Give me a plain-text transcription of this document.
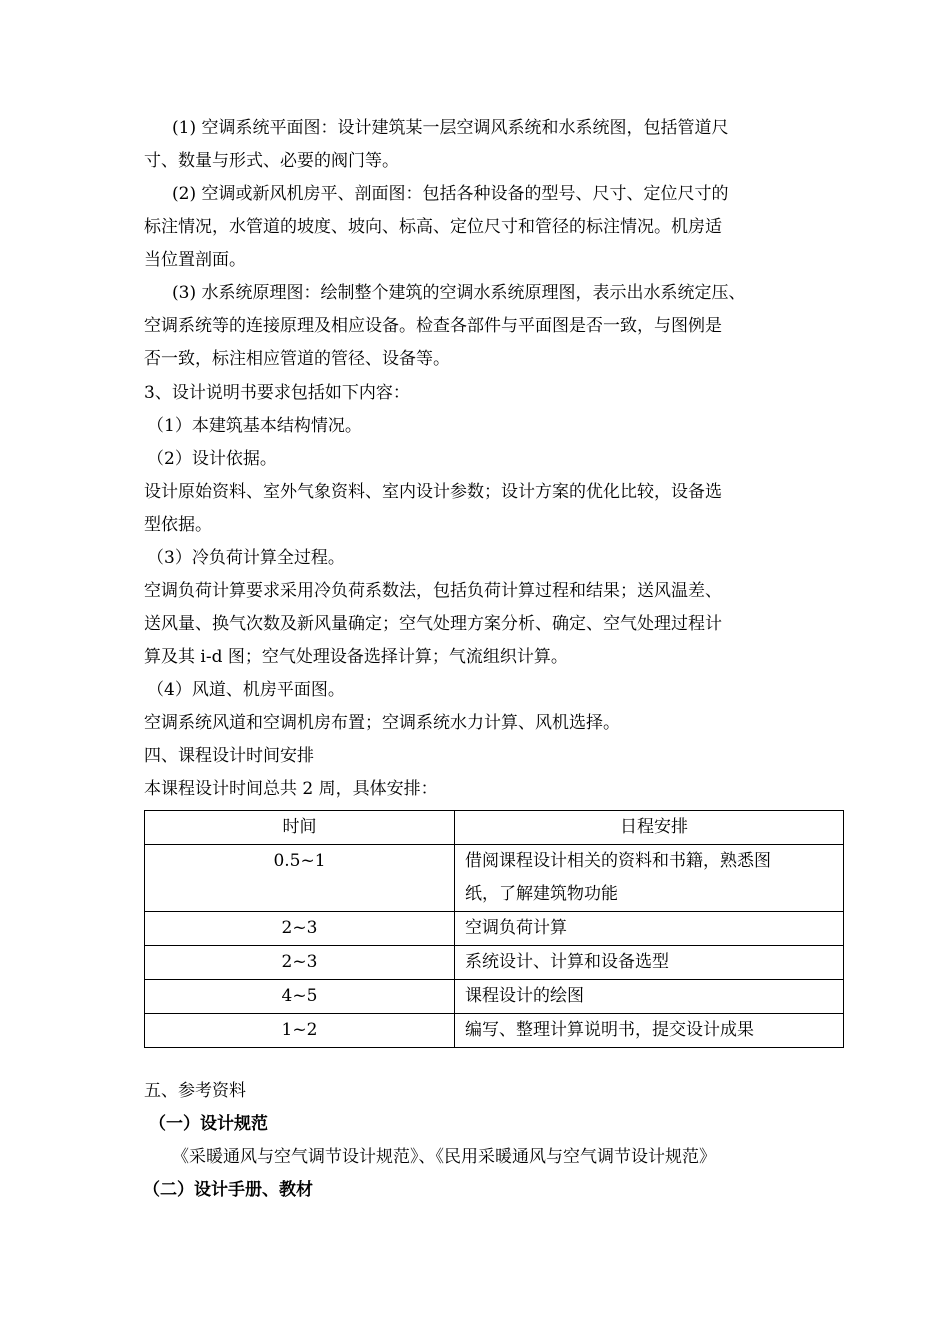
(1) 空调系统平面图：设计建筑某一层空调风系统和水系统图，包括管道尺
寸、数量与形式、必要的阀门等。
(2) 空调或新风机房平、剖面图：包括各种设备的型号、尺寸、定位尺寸的
标注情况，水管道的坡度、坡向、标高、定位尺寸和管径的标注情况。机房适
当位置剖面。
(3) 水系统原理图：绘制整个建筑的空调水系统原理图，表示出水系统定压、
空调系统等的连接原理及相应设备。检查各部件与平面图是否一致，与图例是
否一致，标注相应管道的管径、设备等。
3、设计说明书要求包括如下内容：
（1）本建筑基本结构情况。
（2）设计依据。
设计原始资料、室外气象资料、室内设计参数；设计方案的优化比较，设备选
型依据。
（3）冷负荷计算全过程。
空调负荷计算要求采用冷负荷系数法，包括负荷计算过程和结果；送风温差、
送风量、换气次数及新风量确定；空气处理方案分析、确定、空气处理过程计
算及其 i-d 图；空气处理设备选择计算；气流组织计算。
（4）风道、机房平面图。
空调系统风道和空调机房布置；空调系统水力计算、风机选择。
四、课程设计时间安排
本课程设计时间总共 2 周，具体安排：
时间	日程安排
0.5~1	借阅课程设计相关的资料和书籍，熟悉图
纸，了解建筑物功能

2~3	空调负荷计算
2~3	系统设计、计算和设备选型
4~5	课程设计的绘图
1~2	编写、整理计算说明书，提交设计成果
五、参考资料
（一）设计规范
《采暖通风与空气调节设计规范》、《民用采暖通风与空气调节设计规范》
（二）设计手册、教材
